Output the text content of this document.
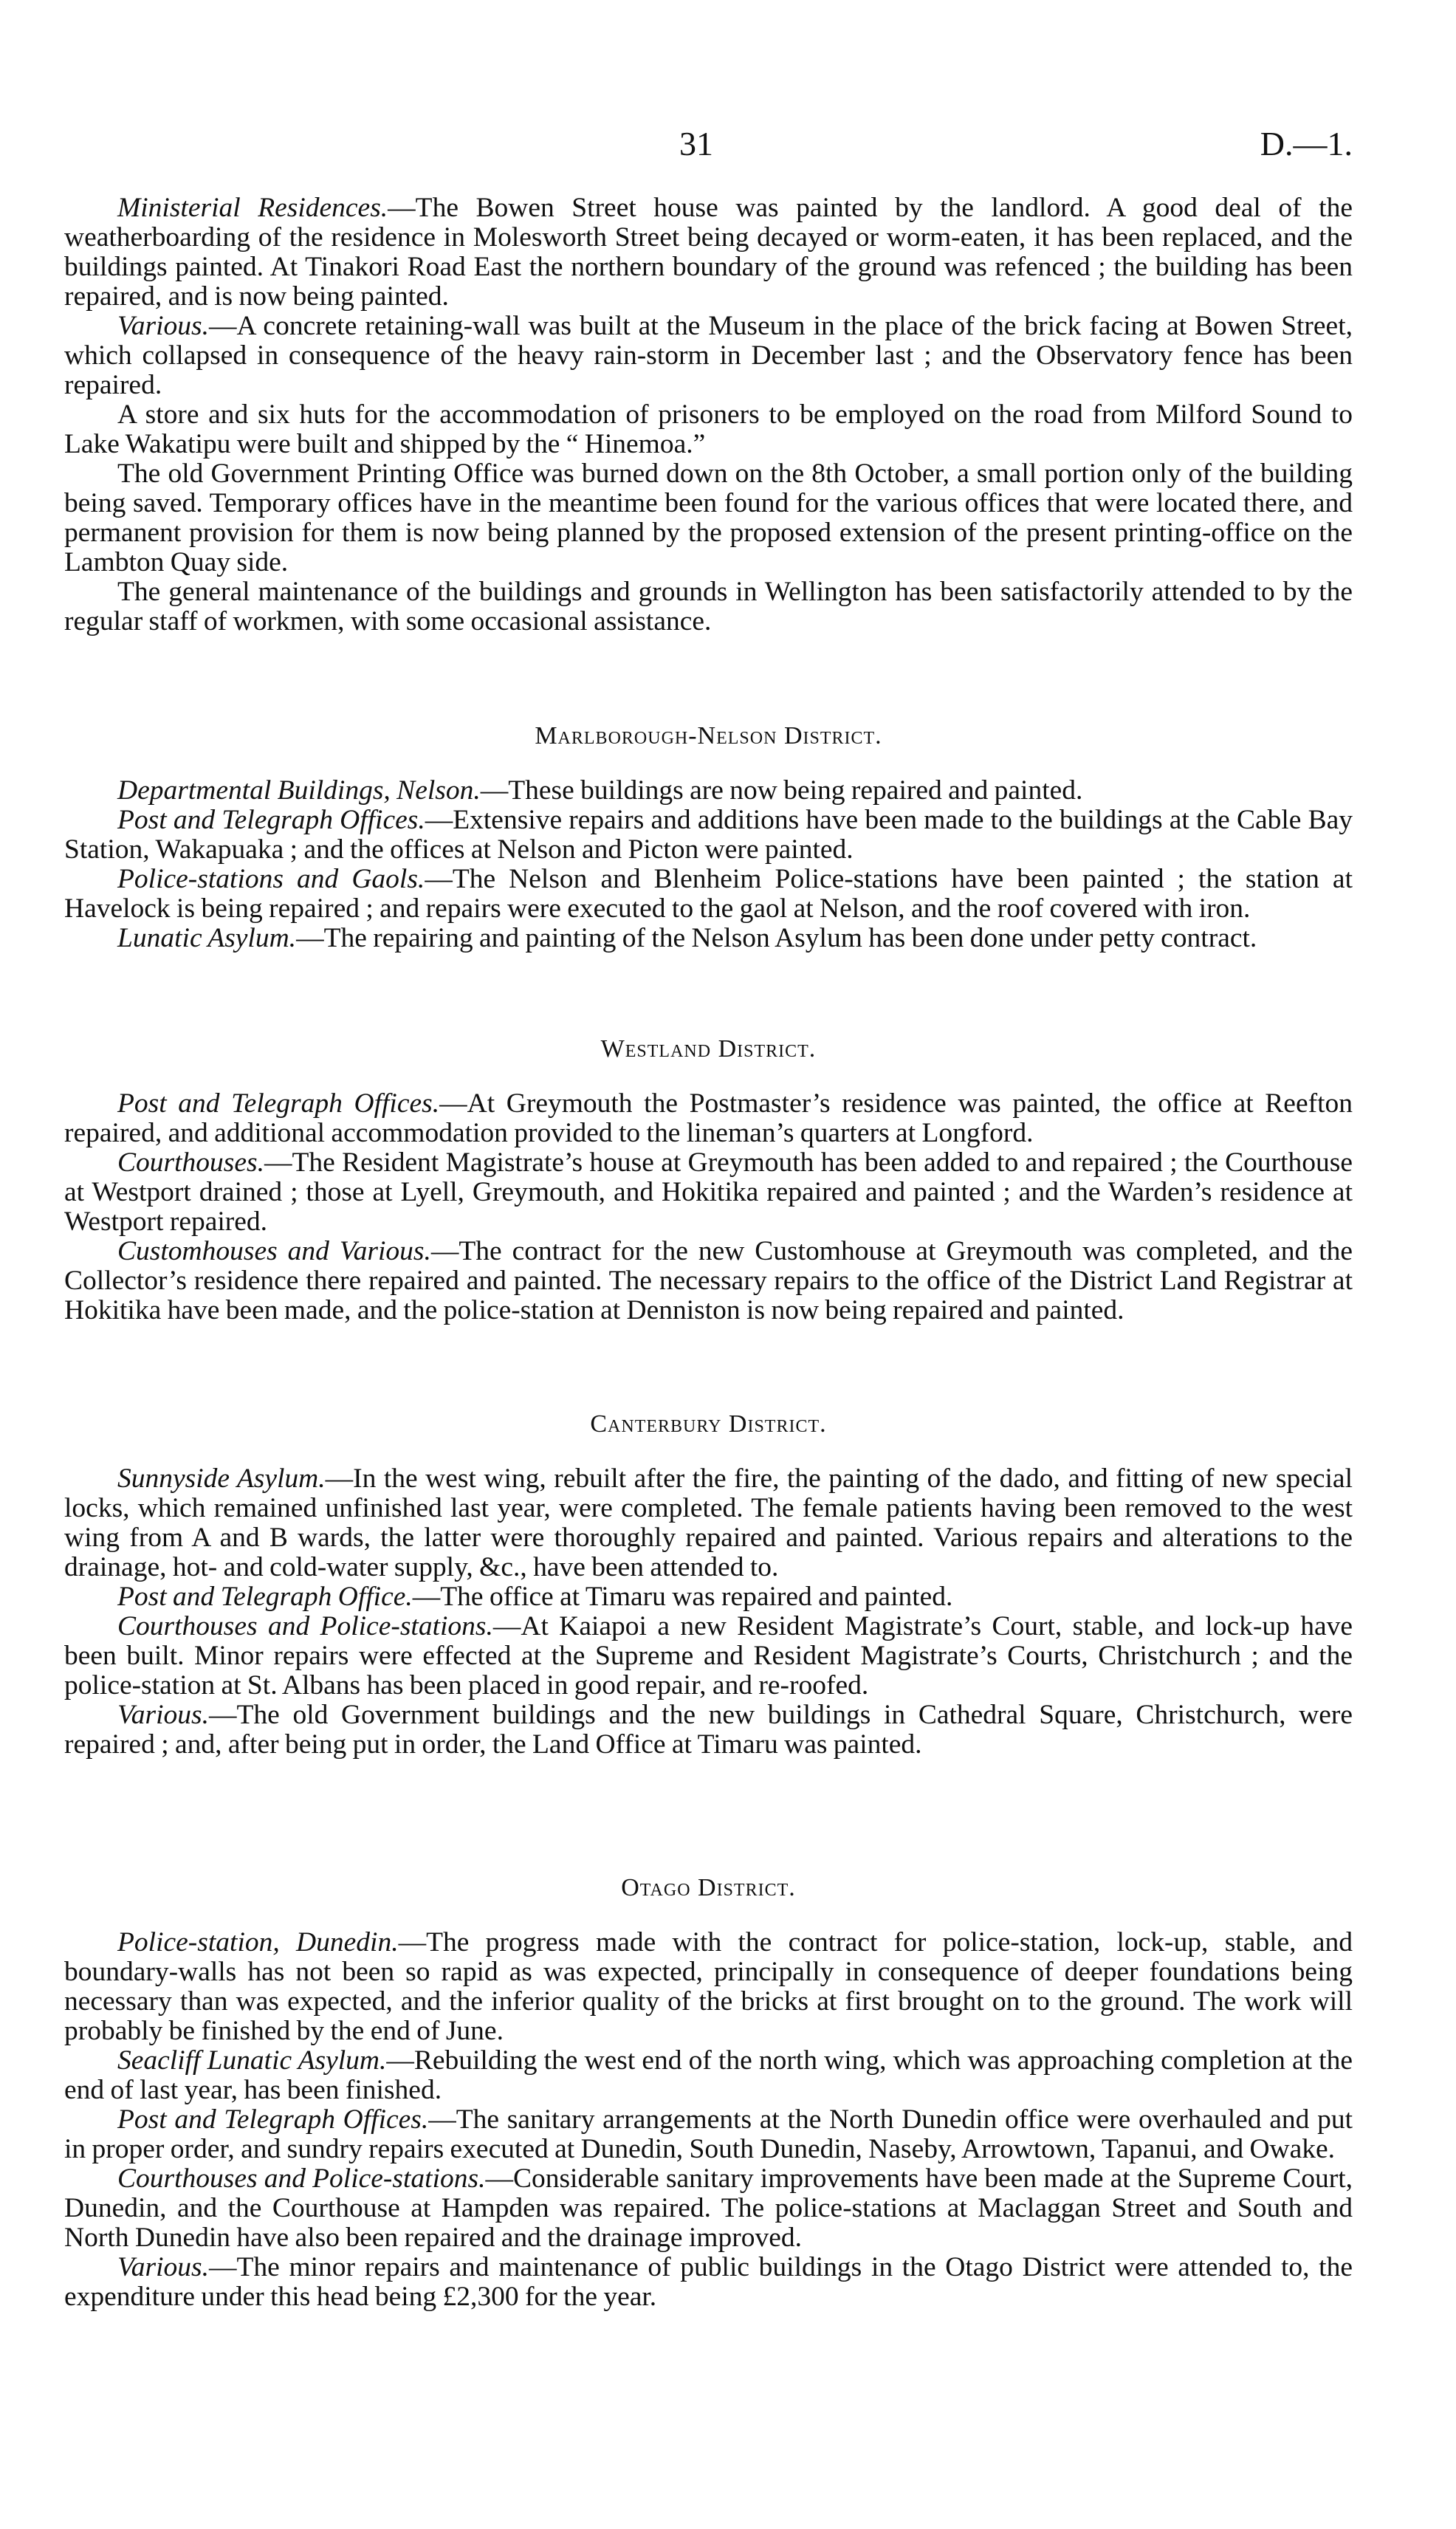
31	D.—1.

Ministerial Residences.—The Bowen Street house was painted by the landlord. A good deal of the weatherboarding of the residence in Molesworth Street being decayed or worm-eaten, it has been replaced, and the buildings painted. At Tinakori Road East the northern boundary of the ground was refenced ; the building has been repaired, and is now being painted.

Various.—A concrete retaining-wall was built at the Museum in the place of the brick facing at Bowen Street, which collapsed in consequence of the heavy rain-storm in December last ; and the Observatory fence has been repaired.

A store and six huts for the accommodation of prisoners to be employed on the road from Milford Sound to Lake Wakatipu were built and shipped by the “ Hinemoa.”

The old Government Printing Office was burned down on the 8th October, a small portion only of the building being saved. Temporary offices have in the meantime been found for the various offices that were located there, and permanent provision for them is now being planned by the proposed extension of the present printing-office on the Lambton Quay side.

The general maintenance of the buildings and grounds in Wellington has been satisfactorily attended to by the regular staff of workmen, with some occasional assistance.

Marlborough-Nelson District.

Departmental Buildings, Nelson.—These buildings are now being repaired and painted.

Post and Telegraph Offices.—Extensive repairs and additions have been made to the buildings at the Cable Bay Station, Wakapuaka ; and the offices at Nelson and Picton were painted.

Police-stations and Gaols.—The Nelson and Blenheim Police-stations have been painted ; the station at Havelock is being repaired ; and repairs were executed to the gaol at Nelson, and the roof covered with iron.

Lunatic Asylum.—The repairing and painting of the Nelson Asylum has been done under petty contract.

Westland District.

Post and Telegraph Offices.—At Greymouth the Postmaster’s residence was painted, the office at Reefton repaired, and additional accommodation provided to the lineman’s quarters at Longford.

Courthouses.—The Resident Magistrate’s house at Greymouth has been added to and repaired ; the Courthouse at Westport drained ; those at Lyell, Greymouth, and Hokitika repaired and painted ; and the Warden’s residence at Westport repaired.

Customhouses and Various.—The contract for the new Customhouse at Greymouth was completed, and the Collector’s residence there repaired and painted. The necessary repairs to the office of the District Land Registrar at Hokitika have been made, and the police-station at Denniston is now being repaired and painted.

Canterbury District.

Sunnyside Asylum.—In the west wing, rebuilt after the fire, the painting of the dado, and fitting of new special locks, which remained unfinished last year, were completed. The female patients having been removed to the west wing from A and B wards, the latter were thoroughly repaired and painted. Various repairs and alterations to the drainage, hot- and cold-water supply, &c., have been attended to.

Post and Telegraph Office.—The office at Timaru was repaired and painted.

Courthouses and Police-stations.—At Kaiapoi a new Resident Magistrate’s Court, stable, and lock-up have been built. Minor repairs were effected at the Supreme and Resident Magistrate’s Courts, Christchurch ; and the police-station at St. Albans has been placed in good repair, and re-roofed.

Various.—The old Government buildings and the new buildings in Cathedral Square, Christchurch, were repaired ; and, after being put in order, the Land Office at Timaru was painted.

Otago District.

Police-station, Dunedin.—The progress made with the contract for police-station, lock-up, stable, and boundary-walls has not been so rapid as was expected, principally in consequence of deeper foundations being necessary than was expected, and the inferior quality of the bricks at first brought on to the ground. The work will probably be finished by the end of June.

Seacliff Lunatic Asylum.—Rebuilding the west end of the north wing, which was approaching completion at the end of last year, has been finished.

Post and Telegraph Offices.—The sanitary arrangements at the North Dunedin office were overhauled and put in proper order, and sundry repairs executed at Dunedin, South Dunedin, Naseby, Arrowtown, Tapanui, and Owake.

Courthouses and Police-stations.—Considerable sanitary improvements have been made at the Supreme Court, Dunedin, and the Courthouse at Hampden was repaired. The police-stations at Maclaggan Street and South and North Dunedin have also been repaired and the drainage improved.

Various.—The minor repairs and maintenance of public buildings in the Otago District were attended to, the expenditure under this head being £2,300 for the year.
